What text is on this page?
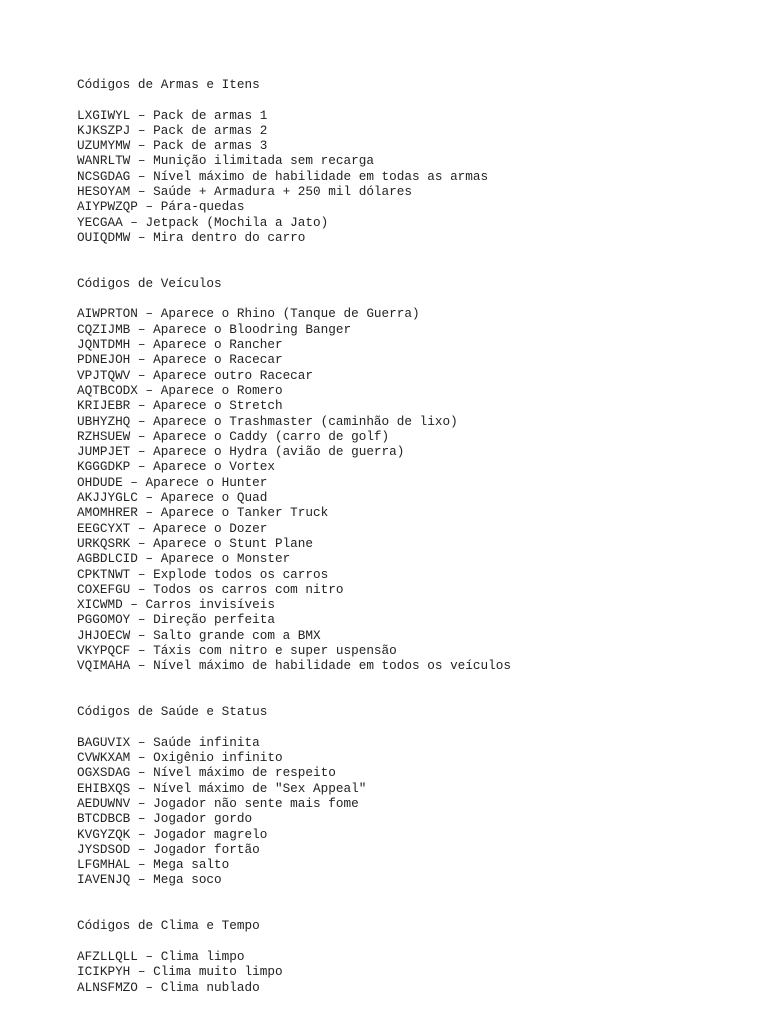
Códigos de Armas e Itens
LXGIWYL – Pack de armas 1
KJKSZPJ – Pack de armas 2
UZUMYMW – Pack de armas 3
WANRLTW – Munição ilimitada sem recarga
NCSGDAG – Nível máximo de habilidade em todas as armas
HESOYAM – Saúde + Armadura + 250 mil dólares
AIYPWZQP – Pára-quedas
YECGAA – Jetpack (Mochila a Jato)
OUIQDMW – Mira dentro do carro
Códigos de Veículos
AIWPRTON – Aparece o Rhino (Tanque de Guerra)
CQZIJMB – Aparece o Bloodring Banger
JQNTDMH – Aparece o Rancher
PDNEJOH – Aparece o Racecar
VPJTQWV – Aparece outro Racecar
AQTBCODX – Aparece o Romero
KRIJEBR – Aparece o Stretch
UBHYZHQ – Aparece o Trashmaster (caminhão de lixo)
RZHSUEW – Aparece o Caddy (carro de golf)
JUMPJET – Aparece o Hydra (avião de guerra)
KGGGDKP – Aparece o Vortex
OHDUDE – Aparece o Hunter
AKJJYGLC – Aparece o Quad
AMOMHRER – Aparece o Tanker Truck
EEGCYXT – Aparece o Dozer
URKQSRK – Aparece o Stunt Plane
AGBDLCID – Aparece o Monster
CPKTNWT – Explode todos os carros
COXEFGU – Todos os carros com nitro
XICWMD – Carros invisíveis
PGGOMOY – Direção perfeita
JHJOECW – Salto grande com a BMX
VKYPQCF – Táxis com nitro e super uspensão
VQIMAHA – Nível máximo de habilidade em todos os veículos
Códigos de Saúde e Status
BAGUVIX – Saúde infinita
CVWKXAM – Oxigênio infinito
OGXSDAG – Nível máximo de respeito
EHIBXQS – Nível máximo de "Sex Appeal"
AEDUWNV – Jogador não sente mais fome
BTCDBCB – Jogador gordo
KVGYZQK – Jogador magrelo
JYSDSOD – Jogador fortão
LFGMHAL – Mega salto
IAVENJQ – Mega soco
Códigos de Clima e Tempo
AFZLLQLL – Clima limpo
ICIKPYH – Clima muito limpo
ALNSFMZO – Clima nublado
